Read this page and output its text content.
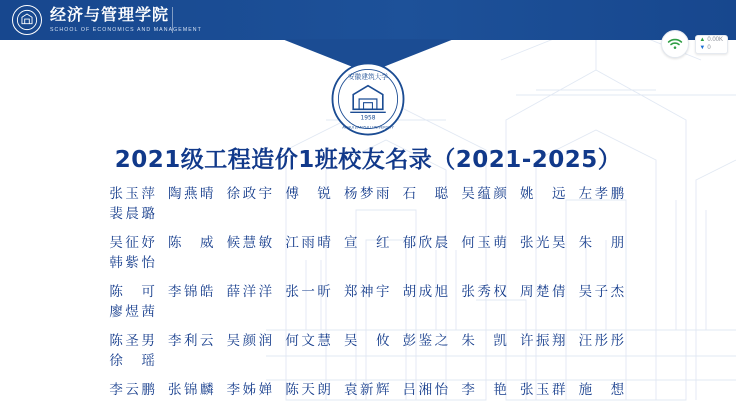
经济与管理学院
SCHOOL OF ECONOMICS AND MANAGEMENT
▲ 0.00K
▼ 0
1958
安徽建筑大学
ANHUI JIANZHU UNIVERSITY
2021级工程造价1班校友名录（2021-2025）
张玉萍 陶燕晴 徐政宇 傅　锐 杨梦雨 石　聪 吴蕴颜 姚　远 左孝鹏
裴晨璐
吴征妤 陈　威 候慧敏 江雨晴 宣　红 郁欣晨 何玉萌 张光昊 朱　朋
韩紫怡
陈　可 李锦皓 薛洋洋 张一昕 郑神宇 胡成旭 张秀权 周楚倩 吴子杰
廖煜茜
陈圣男 李利云 吴颜润 何文慧 吴　攸 彭鉴之 朱　凯 许振翔 汪彤彤
徐　瑶
李云鹏 张锦麟 李姊婵 陈天朗 袁新辉 吕湘怡 李　艳 张玉群 施　想
